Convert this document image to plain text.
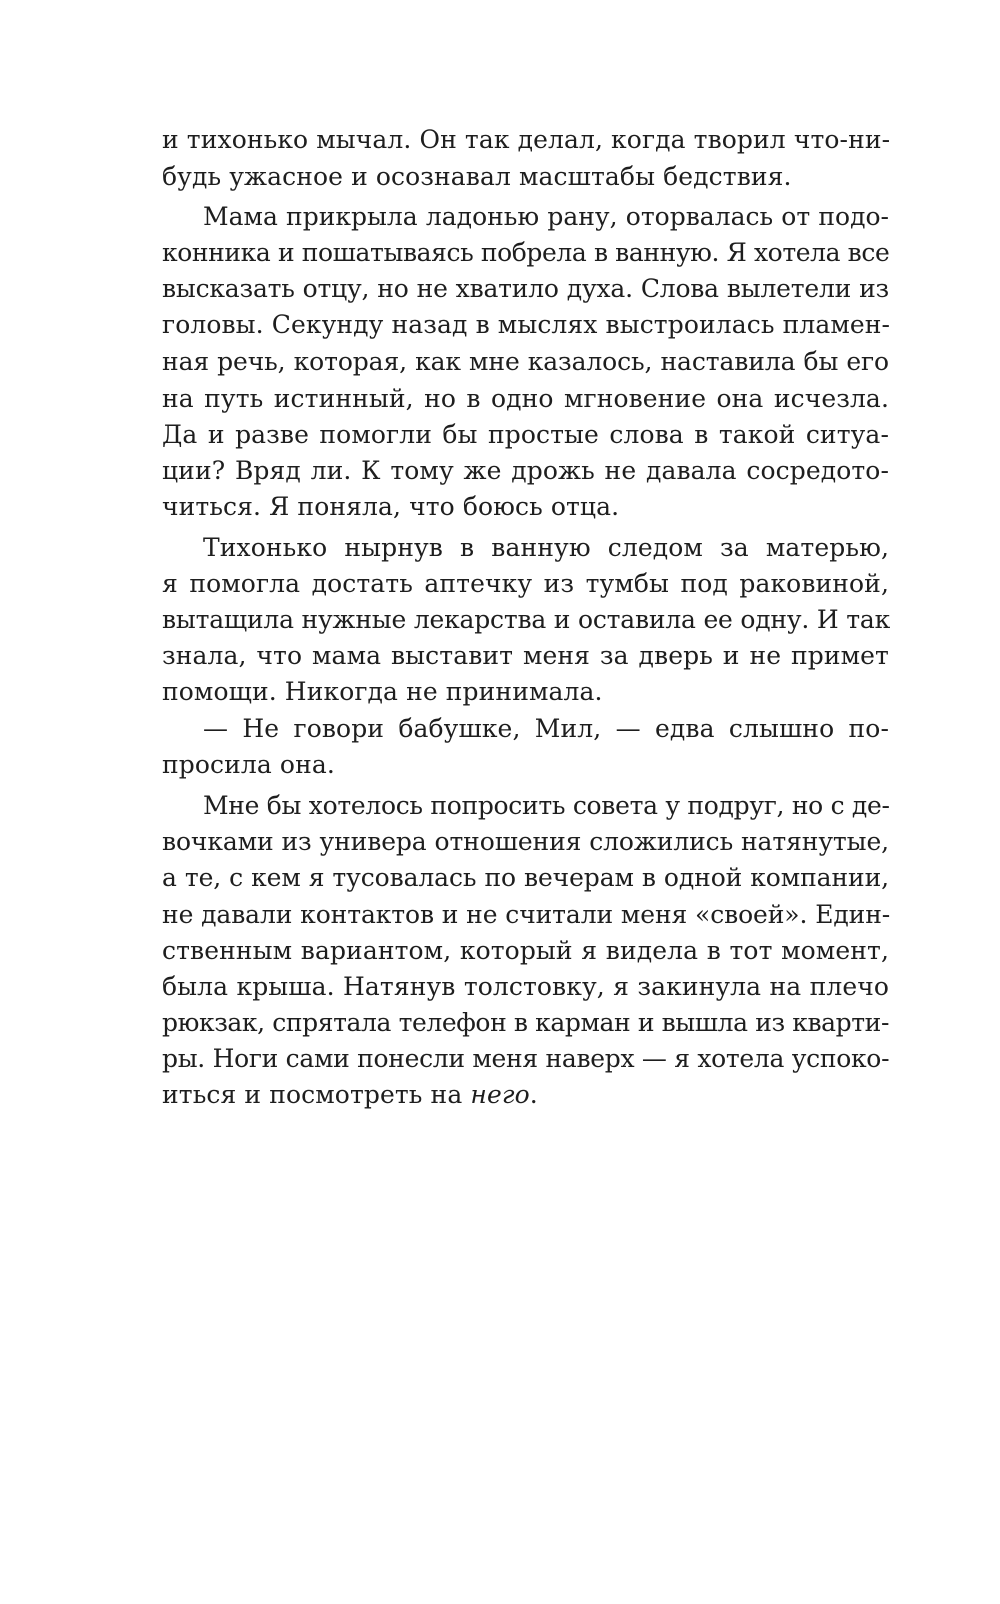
и тихонько мычал. Он так делал, когда творил что-ни-
будь ужасное и осознавал масштабы бедствия.
Мама прикрыла ладонью рану, оторвалась от подо-
конника и пошатываясь побрела в ванную. Я хотела все
высказать отцу, но не хватило духа. Слова вылетели из
головы. Секунду назад в мыслях выстроилась пламен-
ная речь, которая, как мне казалось, наставила бы его
на путь истинный, но в одно мгновение она исчезла.
Да и разве помогли бы простые слова в такой ситуа-
ции? Вряд ли. К тому же дрожь не давала сосредото-
читься. Я поняла, что боюсь отца.
Тихонько нырнув в ванную следом за матерью,
я помогла достать аптечку из тумбы под раковиной,
вытащила нужные лекарства и оставила ее одну. И так
знала, что мама выставит меня за дверь и не примет
помощи. Никогда не принимала.
— Не говори бабушке, Мил, — едва слышно по-
просила она.
Мне бы хотелось попросить совета у подруг, но с де-
вочками из универа отношения сложились натянутые,
а те, с кем я тусовалась по вечерам в одной компании,
не давали контактов и не считали меня «своей». Един-
ственным вариантом, который я видела в тот момент,
была крыша. Натянув толстовку, я закинула на плечо
рюкзак, спрятала телефон в карман и вышла из кварти-
ры. Ноги сами понесли меня наверх — я хотела успоко-
иться и посмотреть на него.
